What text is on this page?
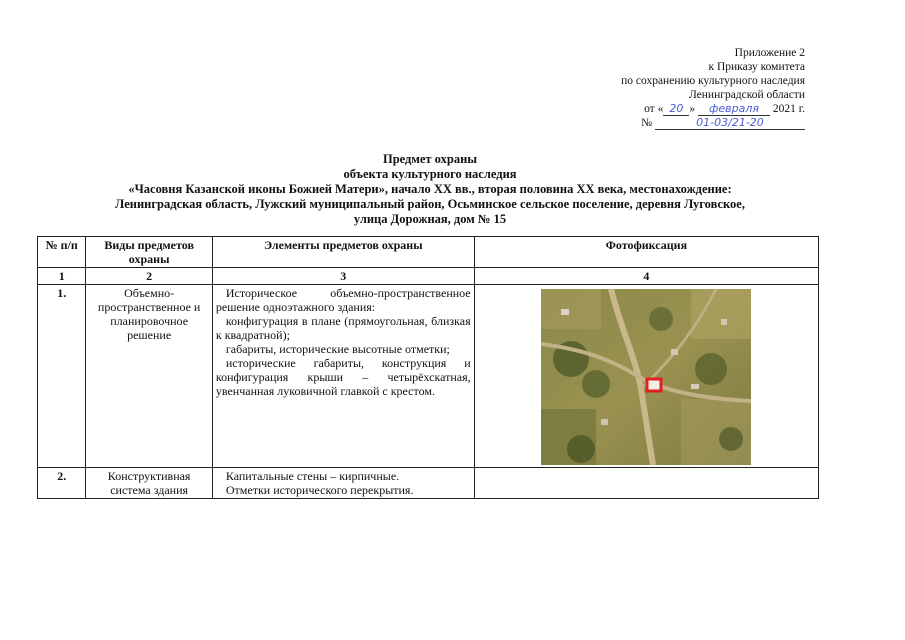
Приложение 2
к Приказу комитета
по сохранению культурного наследия
Ленинградской области
от « 20 » февраля 2021 г.
№	01-03/21-20
Предмет охраны
объекта культурного наследия
«Часовня Казанской иконы Божией Матери», начало XX вв., вторая половина XX века, местонахождение:
Ленинградская область, Лужский муниципальный район, Осьминское сельское поселение, деревня Луговское,
улица Дорожная, дом № 15
№ п/п	Виды предметов охраны	Элементы предметов охраны	Фотофиксация
1	2	3	4
1.	Объемно-пространственное и планировочное решение	Историческое объемно-пространственное решение одноэтажного здания:

конфигурация в плане (прямоугольная, близкая к квадратной);

габариты, исторические высотные отметки;

исторические габариты, конструкция и конфигурация крыши – четырёхскатная, увенчанная луковичной главкой с крестом.

2.	Конструктивная система здания	Капитальные стены – кирпичные.

Отметки исторического перекрытия.	
